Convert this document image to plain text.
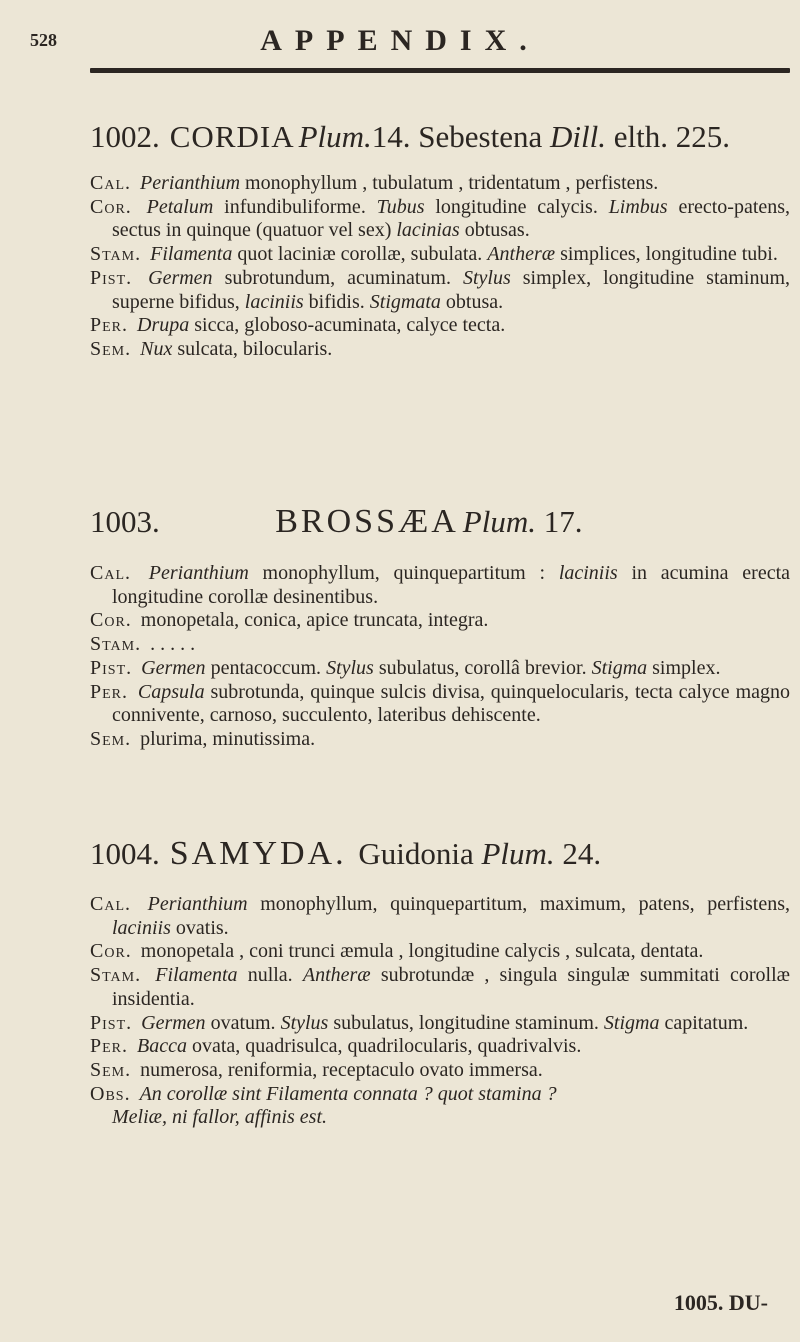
528	APPENDIX.
1002. CORDIA Plum.14. Sebestena Dill. elth. 225.

Cal. Perianthium monophyllum , tubulatum , tridentatum , perfistens.

Cor. Petalum infundibuliforme. Tubus longitudine calycis. Limbus erecto-patens, sectus in quinque (quatuor vel sex) lacinias obtusas.

Stam. Filamenta quot laciniæ corollæ, subulata. Antheræ simplices, longitudine tubi.

Pist. Germen subrotundum, acuminatum. Stylus simplex, longitudine staminum, superne bifidus, laciniis bifidis. Stigmata obtusa.

Per. Drupa sicca, globoso-acuminata, calyce tecta.

Sem. Nux sulcata, bilocularis.

1003.	BROSSÆA Plum. 17.

Cal. Perianthium monophyllum, quinquepartitum : laciniis in acumina erecta longitudine corollæ desinentibus.

Cor. monopetala, conica, apice truncata, integra.

Stam. . . . . .

Pist. Germen pentacoccum. Stylus subulatus, corollâ brevior. Stigma simplex.

Per. Capsula subrotunda, quinque sulcis divisa, quinquelocularis, tecta calyce magno connivente, carnoso, succulento, lateribus dehiscente.

Sem. plurima, minutissima.

1004. SAMYDA. Guidonia Plum. 24.

Cal. Perianthium monophyllum, quinquepartitum, maximum, patens, perfistens, laciniis ovatis.

Cor. monopetala , coni trunci æmula , longitudine calycis , sulcata, dentata.

Stam. Filamenta nulla. Antheræ subrotundæ , singula singulæ summitati corollæ insidentia.

Pist. Germen ovatum. Stylus subulatus, longitudine staminum. Stigma capitatum.

Per. Bacca ovata, quadrisulca, quadrilocularis, quadrivalvis.

Sem. numerosa, reniformia, receptaculo ovato immersa.

Obs. An corollæ sint Filamenta connata ? quot stamina ?
Meliæ, ni fallor, affinis est.

1005. DU-
